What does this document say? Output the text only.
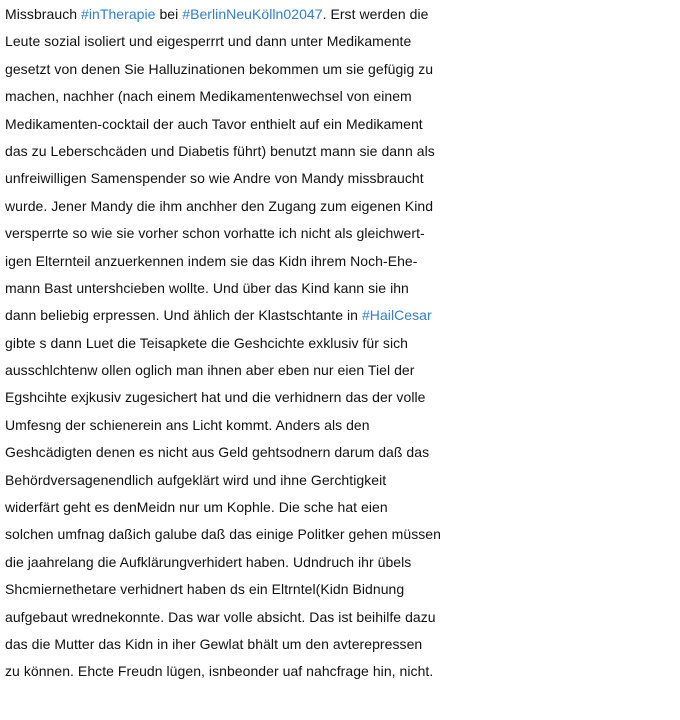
Missbrauch #inTherapie bei #BerlinNeuKölln02047. Erst werden die
Leute sozial isoliert und eigesperrrt und dann unter Medikamente
gesetzt von denen Sie Halluzinationen bekommen um sie gefügig zu
machen, nachher (nach einem Medikamentenwechsel von einem
Medikamenten-cocktail der auch Tavor enthielt auf ein Medikament
das zu Leberschcäden und Diabetis führt) benutzt mann sie dann als
unfreiwilligen Samenspender so wie Andre von Mandy missbraucht
wurde. Jener Mandy die ihm anchher den Zugang zum eigenen Kind
versperrte so wie sie vorher schon vorhatte ich nicht als gleichwert-
igen Elternteil anzuerkennen indem sie das Kidn ihrem Noch-Ehe-
mann Bast untershcieben wollte. Und über das Kind kann sie ihn
dann beliebig erpressen. Und ählich der Klastschtante in #HailCesar
gibte s dann Luet die Teisapkete die Geshcichte exklusiv für sich
ausschlchtenw ollen oglich man ihnen aber eben nur eien Tiel der
Egshcihte exjkusiv zugesichert hat und die verhidnern das der volle
Umfesng der schienerein ans Licht kommt. Anders als den
Geshcädigten denen es nicht aus Geld gehtsodnern darum daß das
Behördversagenendlich aufgeklärt wird und ihne Gerchtigkeit
widerfärt geht es denMeidn nur um Kophle. Die sche hat eien
solchen umfnag daßich galube daß das einige Politker gehen müssen
die jaahrelang die Aufklärungverhidert haben. Udndruch ihr übels
Shcmiernethetare verhidnert haben ds ein Eltrntel(Kidn Bidnung
aufgebaut wrednekonnte. Das war volle absicht. Das ist beihilfe dazu
das die Mutter das Kidn in iher Gewlat bhält um den avterepressen
zu können. Ehcte Freudn lügen, isnbeonder uaf nahcfrage hin, nicht.
